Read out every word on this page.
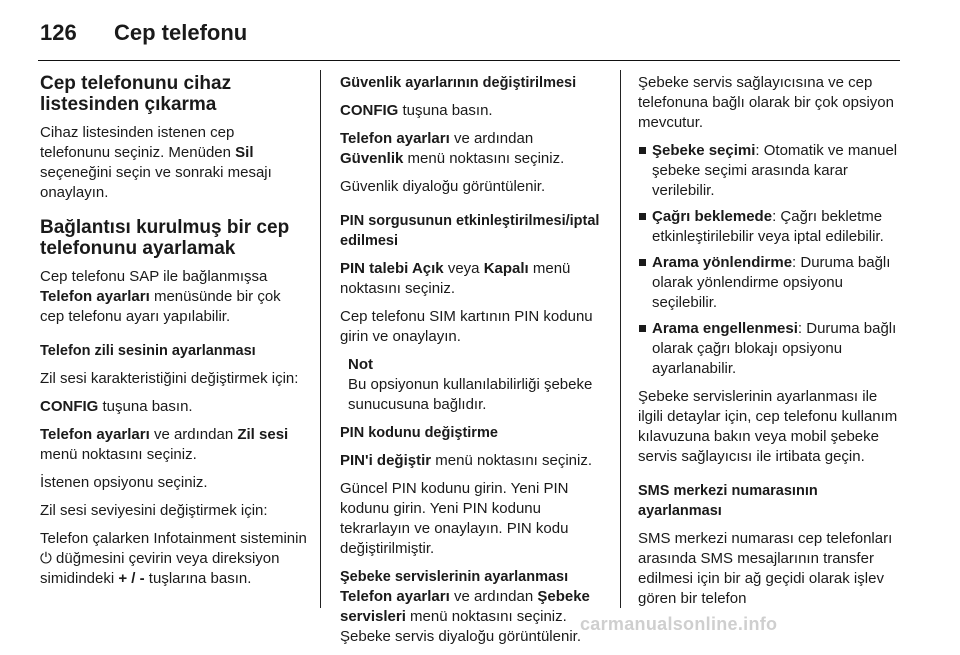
126 Cep telefonu

Cep telefonunu cihaz listesinden çıkarma

Cihaz listesinden istenen cep telefonunu seçiniz. Menüden Sil seçeneğini seçin ve sonraki mesajı onaylayın.

Bağlantısı kurulmuş bir cep telefonunu ayarlamak

Cep telefonu SAP ile bağlanmışsa Telefon ayarları menüsünde bir çok cep telefonu ayarı yapılabilir.

Telefon zili sesinin ayarlanması

Zil sesi karakteristiğini değiştirmek için:

CONFIG tuşuna basın.

Telefon ayarları ve ardından Zil sesi menü noktasını seçiniz.

İstenen opsiyonu seçiniz.

Zil sesi seviyesini değiştirmek için:

Telefon çalarken Infotainment sisteminin ⏻ düğmesini çevirin veya direksiyon simidindeki + / - tuşlarına basın.

Güvenlik ayarlarının değiştirilmesi

CONFIG tuşuna basın.

Telefon ayarları ve ardından
Güvenlik menü noktasını seçiniz.

Güvenlik diyaloğu görüntülenir.

PIN sorgusunun etkinleştirilmesi/iptal edilmesi

PIN talebi Açık veya Kapalı menü noktasını seçiniz.

Cep telefonu SIM kartının PIN kodunu girin ve onaylayın.

Not
Bu opsiyonun kullanılabilirliği şebeke sunucusuna bağlıdır.

PIN kodunu değiştirme

PIN'i değiştir menü noktasını seçiniz.

Güncel PIN kodunu girin. Yeni PIN kodunu girin. Yeni PIN kodunu tekrarlayın ve onaylayın. PIN kodu değiştirilmiştir.

Şebeke servislerinin ayarlanması

Telefon ayarları ve ardından Şebeke servisleri menü noktasını seçiniz.
Şebeke servis diyaloğu görüntülenir.

Şebeke servis sağlayıcısına ve cep telefonuna bağlı olarak bir çok opsiyon mevcutur.

Şebeke seçimi: Otomatik ve manuel şebeke seçimi arasında karar verilebilir.
Çağrı beklemede: Çağrı bekletme etkinleştirilebilir veya iptal edilebilir.
Arama yönlendirme: Duruma bağlı olarak yönlendirme opsiyonu seçilebilir.
Arama engellenmesi: Duruma bağlı olarak çağrı blokajı opsiyonu ayarlanabilir.

Şebeke servislerinin ayarlanması ile ilgili detaylar için, cep telefonu kullanım kılavuzuna bakın veya mobil şebeke servis sağlayıcısı ile irtibata geçin.

SMS merkezi numarasının ayarlanması

SMS merkezi numarası cep telefonları arasında SMS mesajlarının transfer edilmesi için bir ağ geçidi olarak işlev gören bir telefon

carmanualsonline.info
